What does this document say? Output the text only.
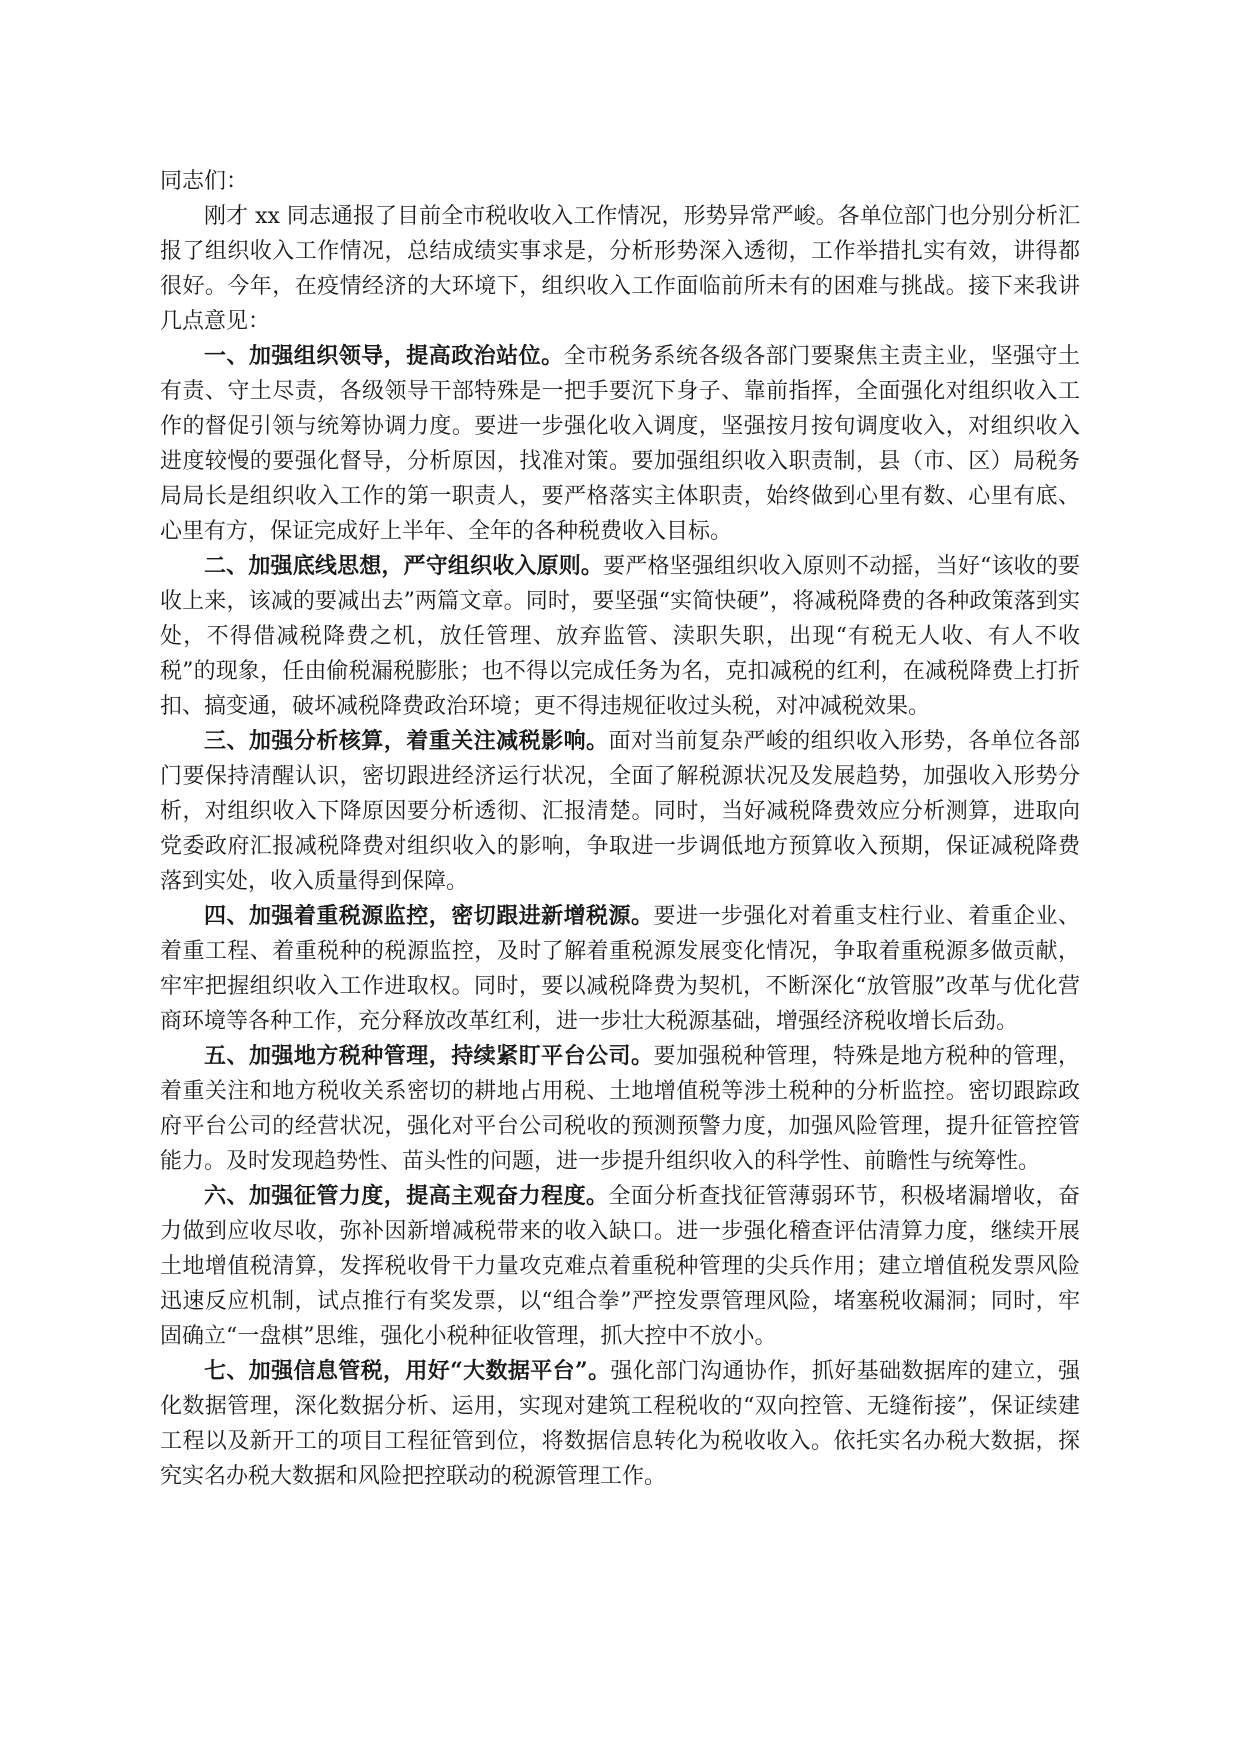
同志们：

刚才 xx 同志通报了目前全市税收收入工作情况，形势异常严峻。各单位部门也分别分析汇报了组织收入工作情况，总结成绩实事求是，分析形势深入透彻，工作举措扎实有效，讲得都很好。今年，在疫情经济的大环境下，组织收入工作面临前所未有的困难与挑战。接下来我讲几点意见：

一、加强组织领导，提高政治站位。全市税务系统各级各部门要聚焦主责主业，坚强守土有责、守土尽责，各级领导干部特殊是一把手要沉下身子、靠前指挥，全面强化对组织收入工作的督促引领与统筹协调力度。要进一步强化收入调度，坚强按月按旬调度收入，对组织收入进度较慢的要强化督导，分析原因，找准对策。要加强组织收入职责制，县（市、区）局税务局局长是组织收入工作的第一职责人，要严格落实主体职责，始终做到心里有数、心里有底、心里有方，保证完成好上半年、全年的各种税费收入目标。

二、加强底线思想，严守组织收入原则。要严格坚强组织收入原则不动摇，当好“该收的要收上来，该减的要减出去”两篇文章。同时，要坚强“实简快硬”，将减税降费的各种政策落到实处，不得借减税降费之机，放任管理、放弃监管、渎职失职，出现“有税无人收、有人不收税”的现象，任由偷税漏税膨胀；也不得以完成任务为名，克扣减税的红利，在减税降费上打折扣、搞变通，破坏减税降费政治环境；更不得违规征收过头税，对冲减税效果。

三、加强分析核算，着重关注减税影响。面对当前复杂严峻的组织收入形势，各单位各部门要保持清醒认识，密切跟进经济运行状况，全面了解税源状况及发展趋势，加强收入形势分析，对组织收入下降原因要分析透彻、汇报清楚。同时，当好减税降费效应分析测算，进取向党委政府汇报减税降费对组织收入的影响，争取进一步调低地方预算收入预期，保证减税降费落到实处，收入质量得到保障。

四、加强着重税源监控，密切跟进新增税源。要进一步强化对着重支柱行业、着重企业、着重工程、着重税种的税源监控，及时了解着重税源发展变化情况，争取着重税源多做贡献，牢牢把握组织收入工作进取权。同时，要以减税降费为契机，不断深化“放管服”改革与优化营商环境等各种工作，充分释放改革红利，进一步壮大税源基础，增强经济税收增长后劲。

五、加强地方税种管理，持续紧盯平台公司。要加强税种管理，特殊是地方税种的管理，着重关注和地方税收关系密切的耕地占用税、土地增值税等涉土税种的分析监控。密切跟踪政府平台公司的经营状况，强化对平台公司税收的预测预警力度，加强风险管理，提升征管控管能力。及时发现趋势性、苗头性的问题，进一步提升组织收入的科学性、前瞻性与统筹性。

六、加强征管力度，提高主观奋力程度。全面分析查找征管薄弱环节，积极堵漏增收，奋力做到应收尽收，弥补因新增减税带来的收入缺口。进一步强化稽查评估清算力度，继续开展土地增值税清算，发挥税收骨干力量攻克难点着重税种管理的尖兵作用；建立增值税发票风险迅速反应机制，试点推行有奖发票，以“组合拳”严控发票管理风险，堵塞税收漏洞；同时，牢固确立“一盘棋”思维，强化小税种征收管理，抓大控中不放小。

七、加强信息管税，用好“大数据平台”。强化部门沟通协作，抓好基础数据库的建立，强化数据管理，深化数据分析、运用，实现对建筑工程税收的“双向控管、无缝衔接”，保证续建工程以及新开工的项目工程征管到位，将数据信息转化为税收收入。依托实名办税大数据，探究实名办税大数据和风险把控联动的税源管理工作。
